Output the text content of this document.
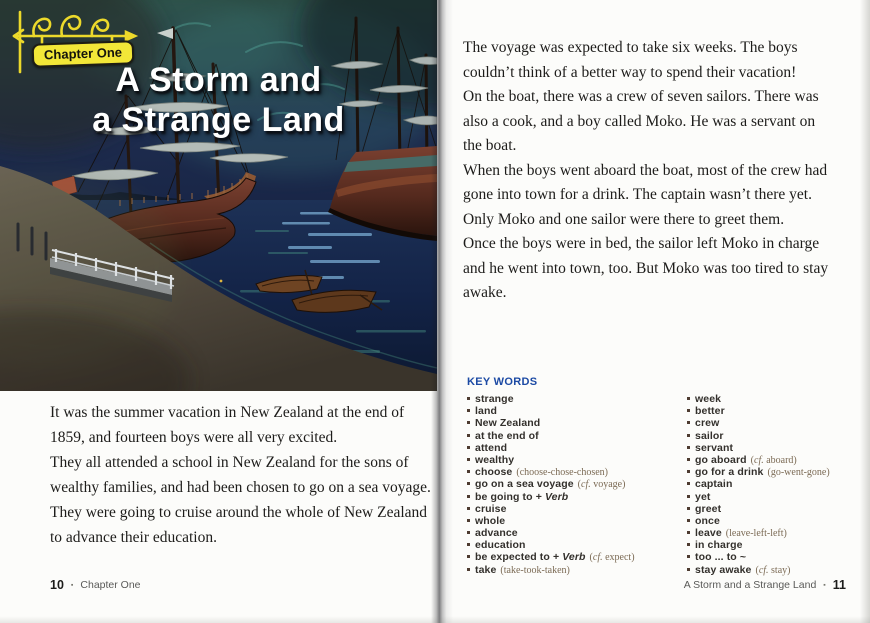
Chapter One
A Storm and
a Strange Land
It was the summer vacation in New Zealand at the end of 1859, and fourteen boys were all very excited.
They all attended a school in New Zealand for the sons of wealthy families, and had been chosen to go on a sea voyage.
They were going to cruise around the whole of New Zealand to advance their education.
10 ▪ Chapter One
The voyage was expected to take six weeks. The boys couldn’t think of a better way to spend their vacation!
On the boat, there was a crew of seven sailors. There was also a cook, and a boy called Moko. He was a servant on the boat.
When the boys went aboard the boat, most of the crew had gone into town for a drink. The captain wasn’t there yet.
Only Moko and one sailor were there to greet them.
Once the boys were in bed, the sailor left Moko in charge and he went into town, too. But Moko was too tired to stay awake.
KEY WORDS
strange
land
New Zealand
at the end of
attend
wealthy
choose (choose-chose-chosen)
go on a sea voyage (cf. voyage)
be going to + Verb
cruise
whole
advance
education
be expected to + Verb (cf. expect)
take (take-took-taken)
week
better
crew
sailor
servant
go aboard (cf. aboard)
go for a drink (go-went-gone)
captain
yet
greet
once
leave (leave-left-left)
in charge
too ... to ~
stay awake (cf. stay)
A Storm and a Strange Land ▪ 11
